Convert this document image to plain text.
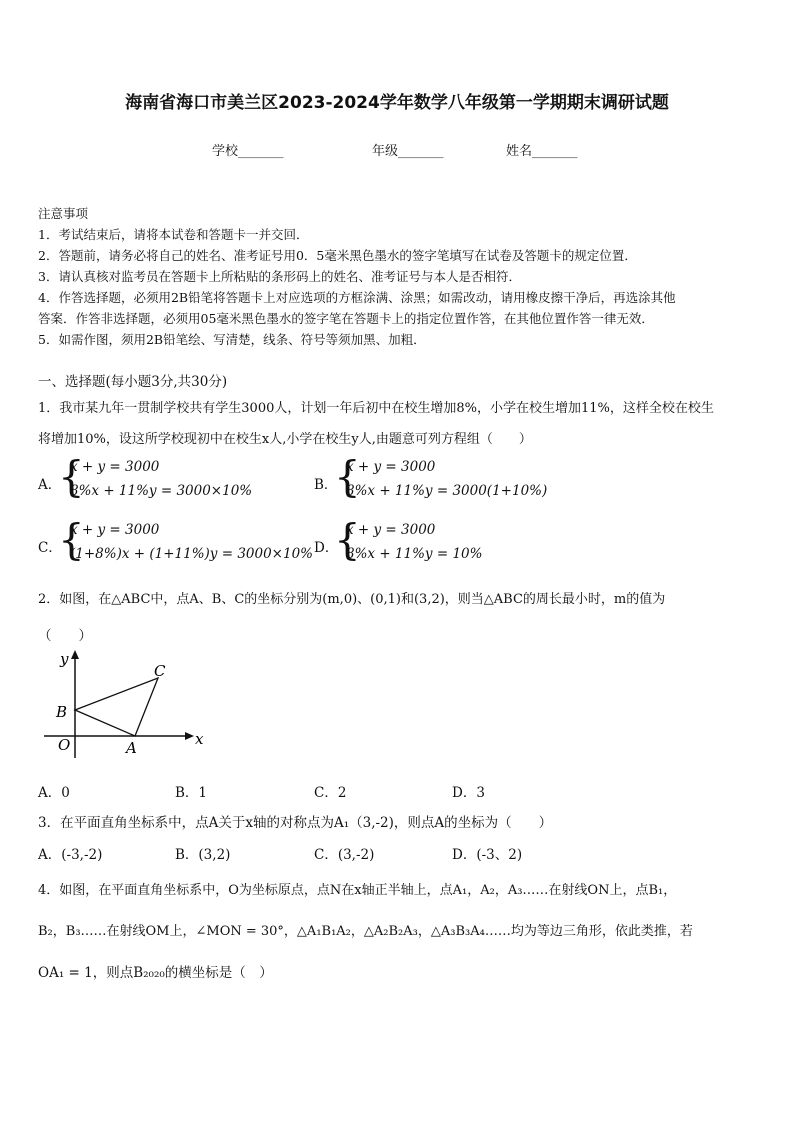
海南省海口市美兰区2023-2024学年数学八年级第一学期期末调研试题
学校_______	年级_______	姓名_______
注意事项
1．考试结束后，请将本试卷和答题卡一并交回．
2．答题前，请务必将自己的姓名、准考证号用0．5毫米黑色墨水的签字笔填写在试卷及答题卡的规定位置．
3．请认真核对监考员在答题卡上所粘贴的条形码上的姓名、准考证号与本人是否相符．
4．作答选择题，必须用2B铅笔将答题卡上对应选项的方框涂满、涂黑；如需改动，请用橡皮擦干净后，再选涂其他
答案．作答非选择题，必须用05毫米黑色墨水的签字笔在答题卡上的指定位置作答，在其他位置作答一律无效．
5．如需作图，须用2B铅笔绘、写清楚，线条、符号等须加黑、加粗．
一、选择题(每小题3分,共30分)
1．我市某九年一贯制学校共有学生3000人，计划一年后初中在校生增加8%，小学在校生增加11%，这样全校在校生
将增加10%，设这所学校现初中在校生x人,小学在校生y人,由题意可列方程组（　　）
A．
{
x + y = 3000
8%x + 11%y = 3000×10%	B．
{
x + y = 3000
8%x + 11%y = 3000(1+10%)
C．
{
x + y = 3000
(1+8%)x + (1+11%)y = 3000×10% D．
{
x + y = 3000
8%x + 11%y = 10%
2．如图，在△ABC中，点A、B、C的坐标分别为(m,0)、(0,1)和(3,2)，则当△ABC的周长最小时，m的值为
（　　）
y
x
B
C
O	A
A．0	B．1	C．2	D．3
3．在平面直角坐标系中，点A关于x轴的对称点为A₁（3,-2)，则点A的坐标为（　　）
A．(-3,-2)	B．(3,2)	C．(3,-2)	D．(-3、2)
4．如图，在平面直角坐标系中，O为坐标原点，点N在x轴正半轴上，点A₁，A₂，A₃……在射线ON上，点B₁，
B₂，B₃……在射线OM上，∠MON = 30°，△A₁B₁A₂，△A₂B₂A₃，△A₃B₃A₄……均为等边三角形，依此类推，若
OA₁ = 1，则点B₂₀₂₀的横坐标是（　）
